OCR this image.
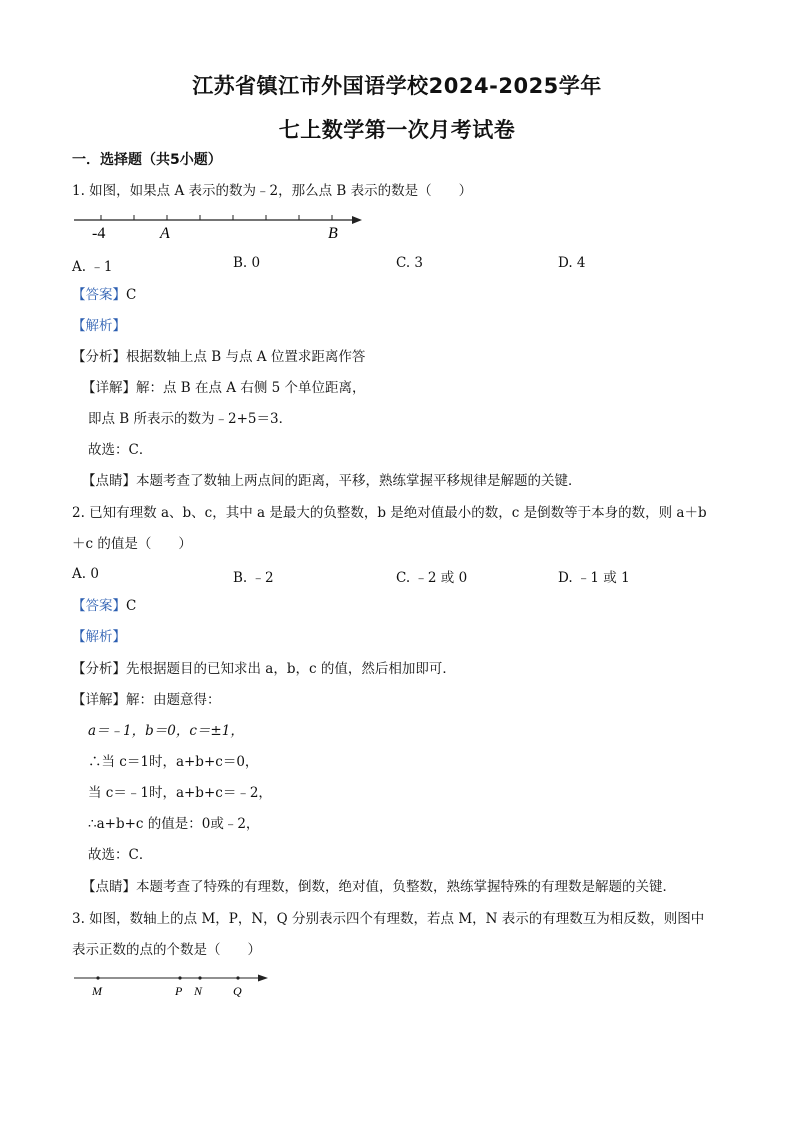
江苏省镇江市外国语学校2024-2025学年
七上数学第一次月考试卷
一．选择题（共5小题）
1. 如图，如果点 A 表示的数为﹣2，那么点 B 表示的数是（　　）
-4	A	B
A. ﹣1	B. 0	C. 3	D. 4
【答案】C
【解析】
【分析】根据数轴上点 B 与点 A 位置求距离作答
【详解】解：点 B 在点 A 右侧 5 个单位距离，
即点 B 所表示的数为﹣2+5＝3．
故选：C．
【点睛】本题考查了数轴上两点间的距离，平移，熟练掌握平移规律是解题的关键．
2. 已知有理数 a、b、c，其中 a 是最大的负整数，b 是绝对值最小的数，c 是倒数等于本身的数，则 a＋b
＋c 的值是（　　）
A. 0	B. ﹣2	C. ﹣2 或 0	D. ﹣1 或 1
【答案】C
【解析】
【分析】先根据题目的已知求出 a，b，c 的值，然后相加即可．
【详解】解：由题意得：
a＝﹣1，b＝0，c＝±1，
∴当 c＝1时，a+b+c＝0，
当 c＝﹣1时，a+b+c＝﹣2，
∴a+b+c 的值是：0或﹣2，
故选：C．
【点睛】本题考查了特殊的有理数，倒数，绝对值，负整数，熟练掌握特殊的有理数是解题的关键．
3. 如图，数轴上的点 M，P，N，Q 分别表示四个有理数，若点 M，N 表示的有理数互为相反数，则图中
表示正数的点的个数是（　　）
M	P N	Q
